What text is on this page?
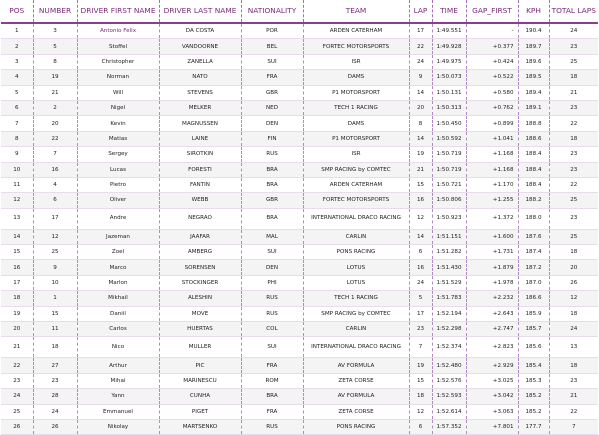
POS	NUMBER	DRIVER FIRST NAME	DRIVER LAST NAME	NATIONALITY	TEAM	LAP	TIME	GAP_FIRST	KPH	TOTAL LAPS
1	3	Antonio Felix	DA COSTA	POR	ARDEN CATERHAM	17	1:49.551	-	190.4	24
2	5	Stoffel	VANDOORNE	BEL	FORTEC MOTORSPORTS	22	1:49.928	+0.377	189.7	23
3	8	Christopher	ZANELLA	SUI	ISR	24	1:49.975	+0.424	189.6	25
4	19	Norman	NATO	FRA	DAMS	9	1:50.073	+0.522	189.5	18
5	21	Will	STEVENS	GBR	P1 MOTORSPORT	14	1:50.131	+0.580	189.4	21
6	2	Nigel	MELKER	NED	TECH 1 RACING	20	1:50.313	+0.762	189.1	23
7	20	Kevin	MAGNUSSEN	DEN	DAMS	8	1:50.450	+0.899	188.8	22
8	22	Matias	LAINE	FIN	P1 MOTORSPORT	14	1:50.592	+1.041	188.6	18
9	7	Sergey	SIROTKIN	RUS	ISR	19	1:50.719	+1.168	188.4	23
10	16	Lucas	FORESTI	BRA	SMP RACING by COMTEC	21	1:50.719	+1.168	188.4	23
11	4	Pietro	FANTIN	BRA	ARDEN CATERHAM	15	1:50.721	+1.170	188.4	22
12	6	Oliver	WEBB	GBR	FORTEC MOTORSPORTS	16	1:50.806	+1.255	188.2	25
13	17	Andre	NEGRAO	BRA	INTERNATIONAL DRACO RACING	12	1:50.923	+1.372	188.0	23
14	12	Jazeman	JAAFAR	MAL	CARLIN	14	1:51.151	+1.600	187.6	25
15	25	Zoel	AMBERG	SUI	PONS RACING	6	1:51.282	+1.731	187.4	18
16	9	Marco	SORENSEN	DEN	LOTUS	16	1:51.430	+1.879	187.2	20
17	10	Marlon	STOCKINGER	PHI	LOTUS	24	1:51.529	+1.978	187.0	26
18	1	Mikhail	ALESHIN	RUS	TECH 1 RACING	5	1:51.783	+2.232	186.6	12
19	15	Daniil	MOVE	RUS	SMP RACING by COMTEC	17	1:52.194	+2.643	185.9	18
20	11	Carlos	HUERTAS	COL	CARLIN	23	1:52.298	+2.747	185.7	24
21	18	Nico	MULLER	SUI	INTERNATIONAL DRACO RACING	7	1:52.374	+2.823	185.6	13
22	27	Arthur	PIC	FRA	AV FORMULA	19	1:52.480	+2.929	185.4	18
23	23	Mihai	MARINESCU	ROM	ZETA CORSE	15	1:52.576	+3.025	185.3	23
24	28	Yann	CUNHA	BRA	AV FORMULA	18	1:52.593	+3.042	185.2	21
25	24	Emmanuel	PIGET	FRA	ZETA CORSE	12	1:52.614	+3.063	185.2	22
26	26	Nikolay	MARTSENKO	RUS	PONS RACING	6	1:57.352	+7.801	177.7	7
